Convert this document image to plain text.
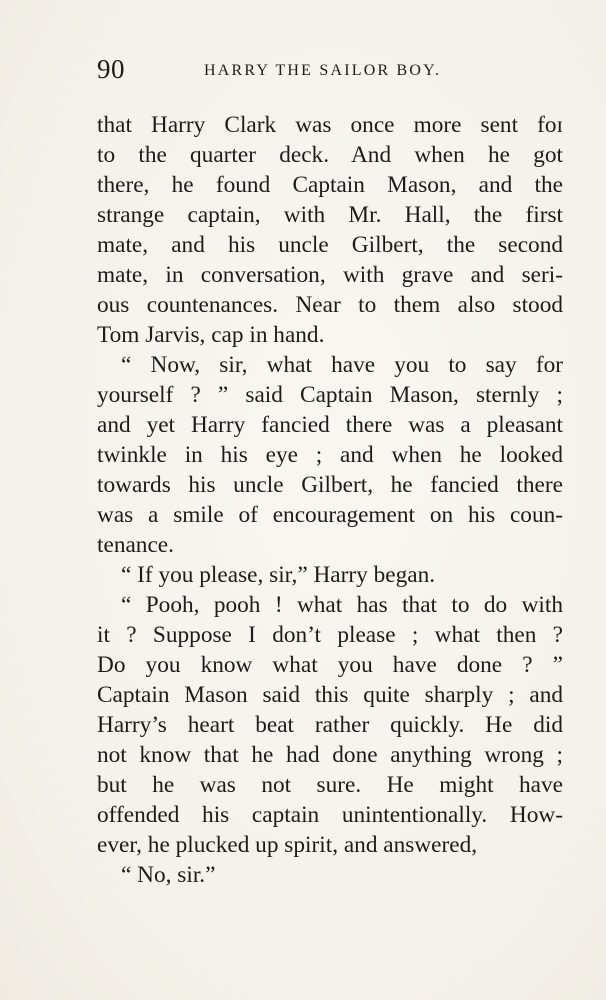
90	HARRY THE SAILOR BOY.
that Harry Clark was once more sent foɪ
to the quarter deck. And when he got
there, he found Captain Mason, and the
strange captain, with Mr. Hall, the first
mate, and his uncle Gilbert, the second
mate, in conversation, with grave and seri-
ous countenances. Near to them also stood
Tom Jarvis, cap in hand.
“ Now, sir, what have you to say for
yourself ? ” said Captain Mason, sternly ;
and yet Harry fancied there was a pleasant
twinkle in his eye ; and when he looked
towards his uncle Gilbert, he fancied there
was a smile of encouragement on his coun-
tenance.
“ If you please, sir,” Harry began.
“ Pooh, pooh ! what has that to do with
it ? Suppose I don’t please ; what then ?
Do you know what you have done ? ”
Captain Mason said this quite sharply ; and
Harry’s heart beat rather quickly. He did
not know that he had done anything wrong ;
but he was not sure. He might have
offended his captain unintentionally. How-
ever, he plucked up spirit, and answered,
“ No, sir.”
